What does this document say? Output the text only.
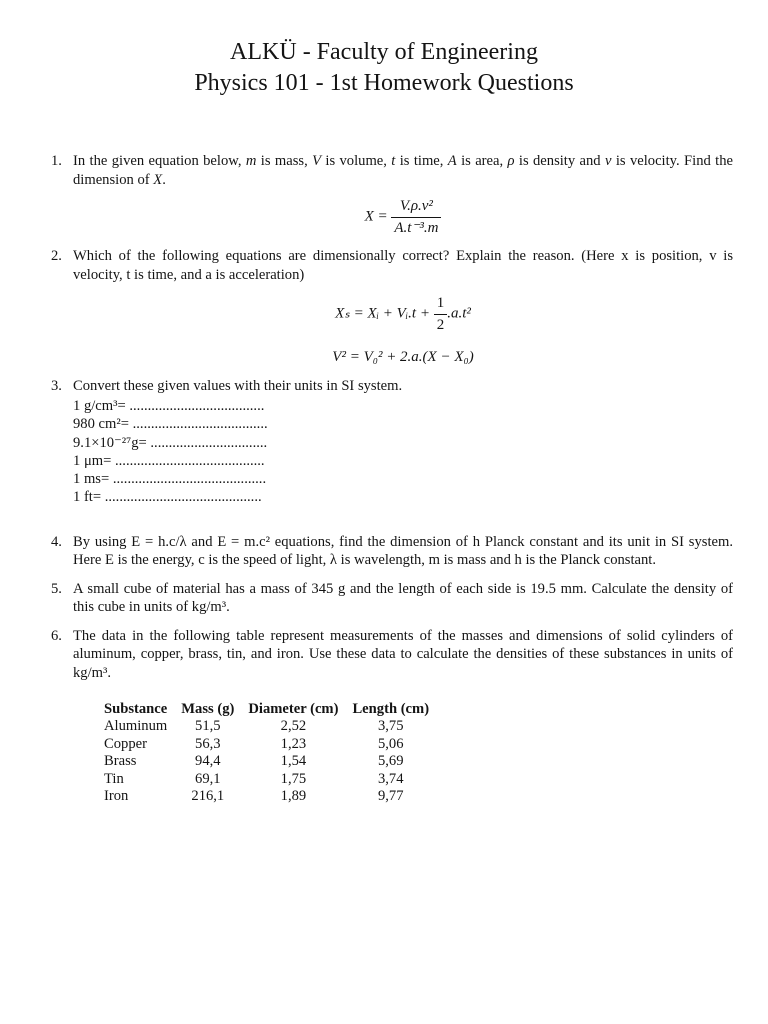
ALKÜ - Faculty of Engineering
Physics 101 - 1st Homework Questions
1. In the given equation below, m is mass, V is volume, t is time, A is area, ρ is density and v is velocity. Find the dimension of X.
$X = \frac{\text{V.ρ.v²}}{\text{A.t⁻³.m}}$
2. Which of the following equations are dimensionally correct? Explain the reason. (Here x is position, v is velocity, t is time, and a is acceleration)
Xₛ = Xᵢ + Vᵢ.t + $\frac{1}{2} .a.t^2$
V² = V₀² + 2.a.(X − X₀)
3. Convert these given values with their units in SI system.
1 g/cm³= .....................................
980 cm²= .....................................
9.1×10⁻²⁷g= ................................
1 μm= .........................................
1 ms= ..........................................
1 ft= ...........................................
4. By using E = h.c/λ and E = m.c² equations, find the dimension of h Planck constant and its unit in SI system. Here E is the energy, c is the speed of light, λ is wavelength, m is mass and h is the Planck constant.
5. A small cube of material has a mass of 345 g and the length of each side is 19.5 mm. Calculate the density of this cube in units of kg/m³.
6. The data in the following table represent measurements of the masses and dimensions of solid cylinders of aluminum, copper, brass, tin, and iron. Use these data to calculate the densities of these substances in units of kg/m³.
Substance	Mass (g)	Diameter (cm)	Length (cm)
Aluminum	51,5	2,52	3,75
Copper	56,3	1,23	5,06
Brass	94,4	1,54	5,69
Tin	69,1	1,75	3,74
Iron	216,1	1,89	9,77
